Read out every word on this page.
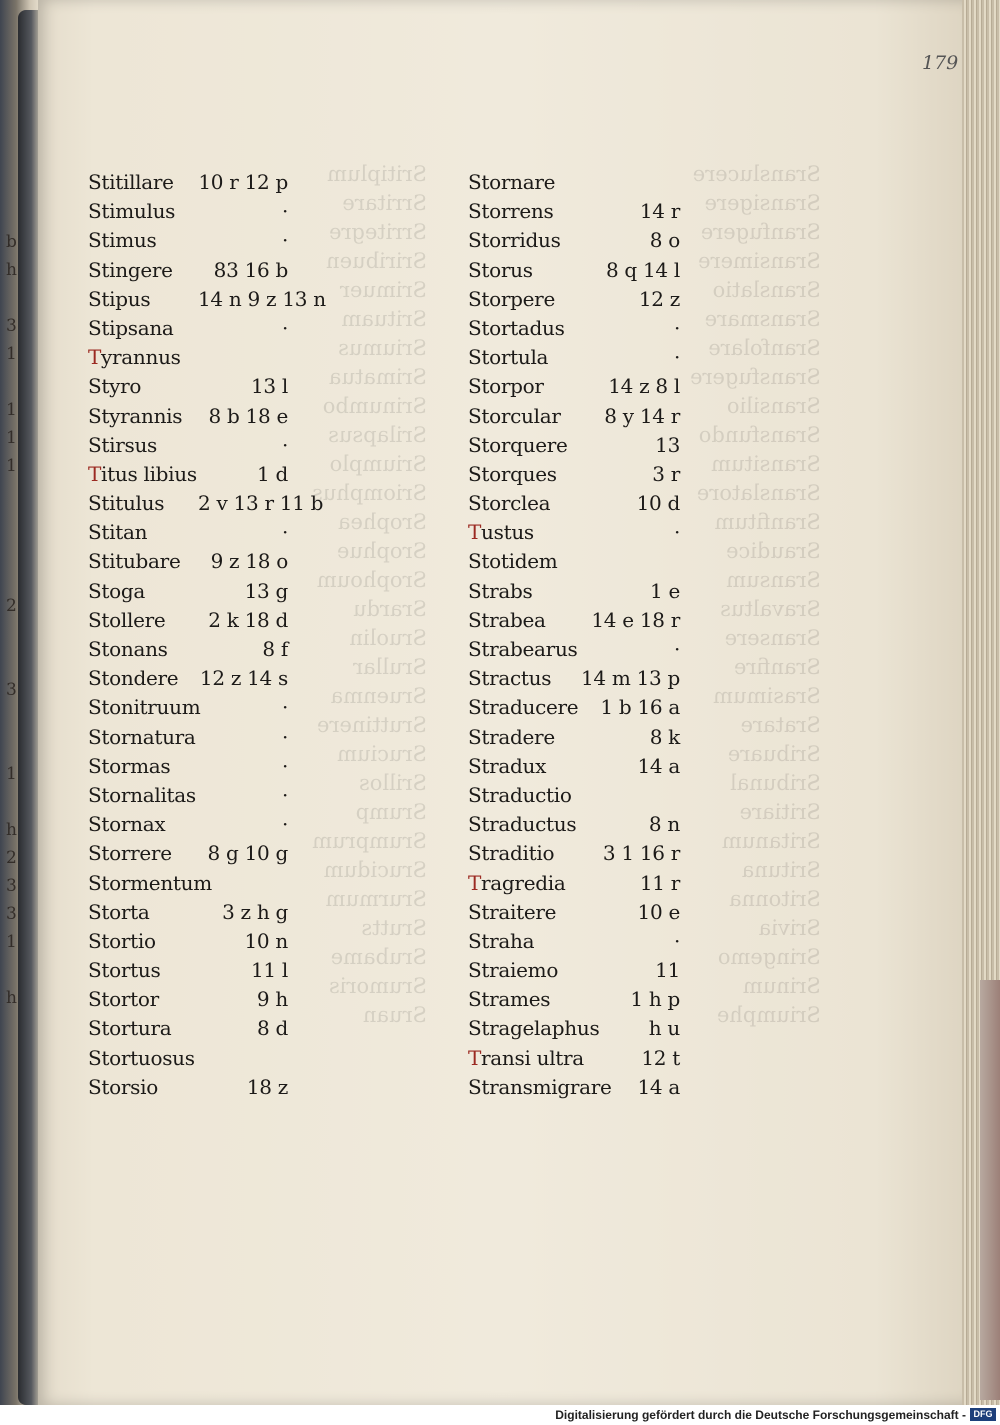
b
h

3
1

1
1
1

2

3

1

h
2
3
3
1

h
179
Stitillare 10 r 12 p
Stimulus	·
Stimus	·
Stingere	83 16 b
Stipus 14 n 9 z 13 n
Stipsana	·
Tyrannus
Styro	13 l
Styrannis	8 b 18 e
Stirsus	·
Titus libius	1 d
Stitulus 2 v 13 r 11 b
Stitan	·
Stitubare	9 z 18 o
Stoga	13 g
Stollere	2 k 18 d
Stonans	8 f
Stondere 12 z 14 s
Stonitruum	·
Stornatura	·
Stormas	·
Stornalitas	·
Stornax	·
Storrere	8 g 10 g
Stormentum
Storta	3 z h g
Stortio	10 n
Stortus	11 l
Stortor	9 h
Stortura	8 d
Stortuosus
Storsio	18 z
Stornare
Storrens	14 r
Storridus	8 o
Storus	8 q 14 l
Storpere	12 z
Stortadus	·
Stortula	·
Storpor	14 z 8 l
Storcular	8 y 14 r
Storquere	13
Storques	3 r
Storclea	10 d
Tustus	·
Stotidem
Strabs	1 e
Strabea	14 e 18 r
Strabearus	·
Stractus	14 m 13 p
Straducere	1 b 16 a
Stradere	8 k
Stradux	14 a
Straductio
Straductus	8 n
Straditio	3 1 16 r
Tragredia	11 r
Straitere	10 e
Straha	·
Straiemo	11
Strames	1 h p
Stragelaphus	h u
Transi ultra	12 t
Stransmigrare	14 a
Digitalisierung gefördert durch die Deutsche Forschungsgemeinschaft - DFG
